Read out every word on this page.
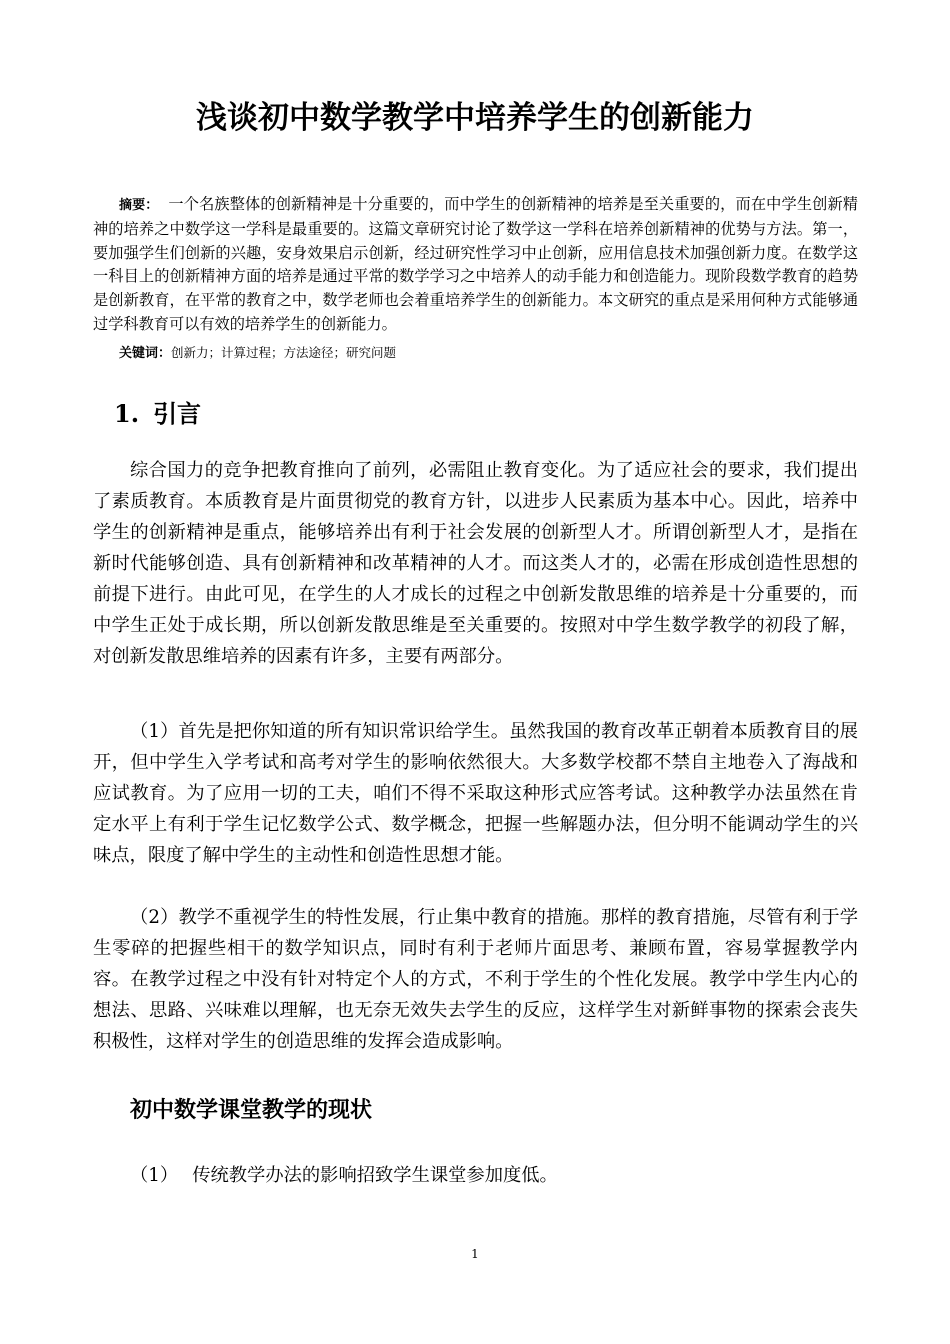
浅谈初中数学教学中培养学生的创新能力

摘要： 一个名族整体的创新精神是十分重要的，而中学生的创新精神的培养是至关重要的，而在中学生创新精神的培养之中数学这一学科是最重要的。这篇文章研究讨论了数学这一学科在培养创新精神的优势与方法。第一，要加强学生们创新的兴趣，安身效果启示创新，经过研究性学习中止创新，应用信息技术加强创新力度。在数学这一科目上的创新精神方面的培养是通过平常的数学学习之中培养人的动手能力和创造能力。现阶段数学教育的趋势是创新教育，在平常的教育之中，数学老师也会着重培养学生的创新能力。本文研究的重点是采用何种方式能够通过学科教育可以有效的培养学生的创新能力。

关键词：创新力；计算过程；方法途径；研究问题

1. 引言

综合国力的竞争把教育推向了前列，必需阻止教育变化。为了适应社会的要求，我们提出了素质教育。本质教育是片面贯彻党的教育方针，以进步人民素质为基本中心。因此，培养中学生的创新精神是重点，能够培养出有利于社会发展的创新型人才。所谓创新型人才，是指在新时代能够创造、具有创新精神和改革精神的人才。而这类人才的，必需在形成创造性思想的前提下进行。由此可见，在学生的人才成长的过程之中创新发散思维的培养是十分重要的，而中学生正处于成长期，所以创新发散思维是至关重要的。按照对中学生数学教学的初段了解，对创新发散思维培养的因素有许多，主要有两部分。

（1）首先是把你知道的所有知识常识给学生。虽然我国的教育改革正朝着本质教育目的展开，但中学生入学考试和高考对学生的影响依然很大。大多数学校都不禁自主地卷入了海战和应试教育。为了应用一切的工夫，咱们不得不采取这种形式应答考试。这种教学办法虽然在肯定水平上有利于学生记忆数学公式、数学概念，把握一些解题办法，但分明不能调动学生的兴味点，限度了解中学生的主动性和创造性思想才能。

（2）教学不重视学生的特性发展，行止集中教育的措施。那样的教育措施，尽管有利于学生零碎的把握些相干的数学知识点，同时有利于老师片面思考、兼顾布置，容易掌握教学内容。在教学过程之中没有针对特定个人的方式，不利于学生的个性化发展。教学中学生内心的想法、思路、兴味难以理解，也无奈无效失去学生的反应，这样学生对新鲜事物的探索会丧失积极性，这样对学生的创造思维的发挥会造成影响。

初中数学课堂教学的现状

（1） 传统教学办法的影响招致学生课堂参加度低。

1
